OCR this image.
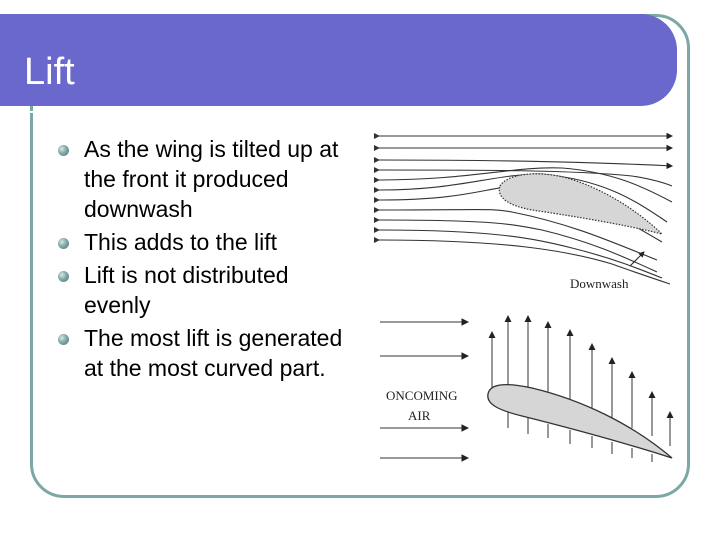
Lift
As the wing is tilted up at the front it produced downwash
This adds to the lift
Lift is not distributed evenly
The most lift is generated at the most curved part.
Downwash
ONCOMING
AIR
